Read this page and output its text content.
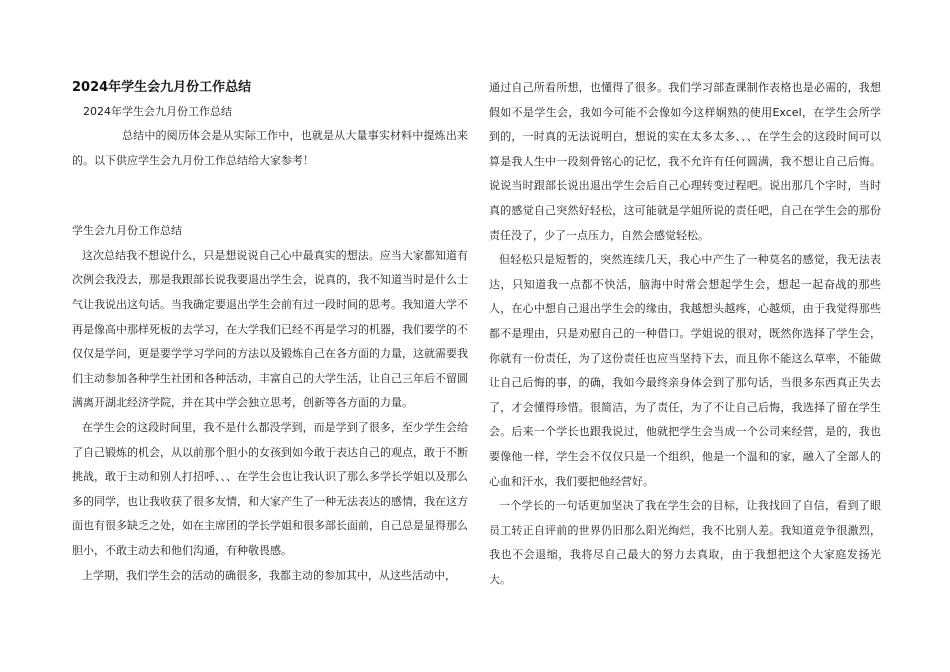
2024年学生会九月份工作总结

2024年学生会九月份工作总结

总结中的阅历体会是从实际工作中，也就是从大量事实材料中提炼出来的。以下供应学生会九月份工作总结给大家参考！

学生会九月份工作总结

这次总结我不想说什么，只是想说说自己心中最真实的想法。应当大家都知道有次例会我没去，那是我跟部长说我要退出学生会，说真的，我不知道当时是什么士气让我说出这句话。当我确定要退出学生会前有过一段时间的思考。我知道大学不再是像高中那样死板的去学习，在大学我们已经不再是学习的机器，我们要学的不仅仅是学问，更是要学学习学问的方法以及锻炼自己在各方面的力量，这就需要我们主动参加各种学生社团和各种活动，丰富自己的大学生活，让自己三年后不留圆满离开湖北经济学院，并在其中学会独立思考，创新等各方面的力量。

在学生会的这段时间里，我不是什么都没学到，而是学到了很多，至少学生会给了自己锻炼的机会，从以前那个胆小的女孩到如今敢于表达自己的观点，敢于不断挑战，敢于主动和别人打招呼、、、在学生会也让我认识了那么多学长学姐以及那么多的同学，也让我收获了很多友情，和大家产生了一种无法表达的感情，我在这方面也有很多缺乏之处，如在主席团的学长学姐和很多部长面前，自己总是显得那么胆小，不敢主动去和他们沟通，有种敬畏感。

上学期，我们学生会的活动的确很多，我都主动的参加其中，从这些活动中，

通过自己所看所想，也懂得了很多。我们学习部查课制作表格也是必需的，我想假如不是学生会，我如今可能不会像如今这样娴熟的使用Excel，在学生会所学到的，一时真的无法说明白，想说的实在太多太多、、、在学生会的这段时间可以算是我人生中一段刻骨铭心的记忆，我不允许有任何圆满，我不想让自己后悔。说说当时跟部长说出退出学生会后自己心理转变过程吧。说出那几个字时，当时真的感觉自己突然好轻松，这可能就是学姐所说的责任吧，自己在学生会的那份责任没了，少了一点压力，自然会感觉轻松。

但轻松只是短暂的，突然连续几天，我心中产生了一种莫名的感觉，我无法表达，只知道我一点都不快活，脑海中时常会想起学生会，想起一起奋战的那些人，在心中想自己退出学生会的缘由，我越想头越疼，心越烦，由于我觉得那些都不是理由，只是劝慰自己的一种借口。学姐说的很对，既然你选择了学生会，你就有一份责任，为了这份责任也应当坚持下去，而且你不能这么草率，不能做让自己后悔的事，的确，我如今最终亲身体会到了那句话，当很多东西真正失去了，才会懂得珍惜。很简洁，为了责任，为了不让自己后悔，我选择了留在学生会。后来一个学长也跟我说过，他就把学生会当成一个公司来经营，是的，我也要像他一样，学生会不仅仅只是一个组织，他是一个温和的家，融入了全部人的心血和汗水，我们要把他经营好。

一个学长的一句话更加坚决了我在学生会的目标，让我找回了自信，看到了眼员工转正自评前的世界仍旧那么阳光绚烂，我不比别人差。我知道竞争很激烈，我也不会退缩，我将尽自己最大的努力去真取，由于我想把这个大家庭发扬光大。
